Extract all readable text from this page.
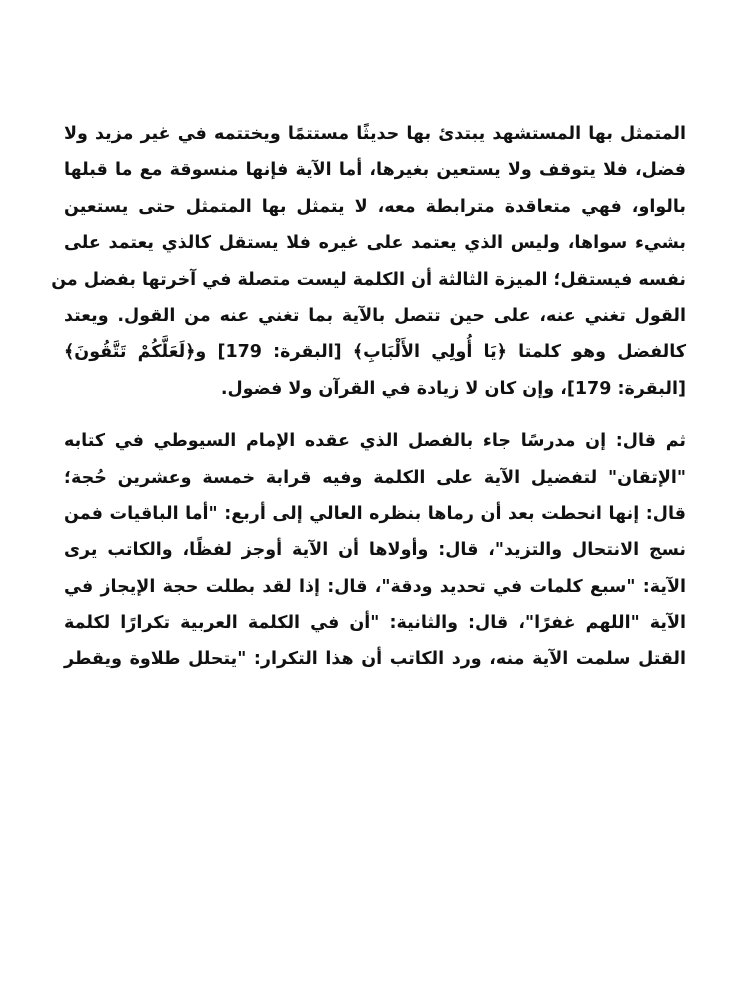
المتمثل بها المستشهد يبتدئ بها حديثًا مستتمًا ويختتمه في غير مزيد ولا
فضل، فلا يتوقف ولا يستعين بغيرها، أما الآية فإنها منسوقة مع ما قبلها
بالواو، فهي متعاقدة مترابطة معه، لا يتمثل بها المتمثل حتى يستعين
بشيء سواها، وليس الذي يعتمد على غيره فلا يستقل كالذي يعتمد على
نفسه فيستقل؛ الميزة الثالثة أن الكلمة ليست متصلة في آخرتها بفضل من
القول تغني عنه، على حين تتصل بالآية بما تغني عنه من القول. ويعتد
كالفضل وهو كلمتا ﴿يَا أُولِي الأَلْبَابِ﴾ [البقرة: 179] و﴿لَعَلَّكُمْ تَتَّقُونَ﴾
[البقرة: 179]، وإن كان لا زيادة في القرآن ولا فضول.

ثم قال: إن مدرسًا جاء بالفصل الذي عقده الإمام السيوطي في كتابه
"الإتقان" لتفضيل الآية على الكلمة وفيه قرابة خمسة وعشرين حُجة؛
قال: إنها انحطت بعد أن رماها بنظره العالي إلى أربع: "أما الباقيات فمن
نسج الانتحال والتزيد"، قال: وأولاها أن الآية أوجز لفظًا، والكاتب يرى
الآية: "سبع كلمات في تحديد ودقة"، قال: إذا لقد بطلت حجة الإيجاز في
الآية "اللهم غفرًا"، قال: والثانية: "أن في الكلمة العربية تكرارًا لكلمة
القتل سلمت الآية منه، ورد الكاتب أن هذا التكرار: "يتحلل طلاوة ويقطر
